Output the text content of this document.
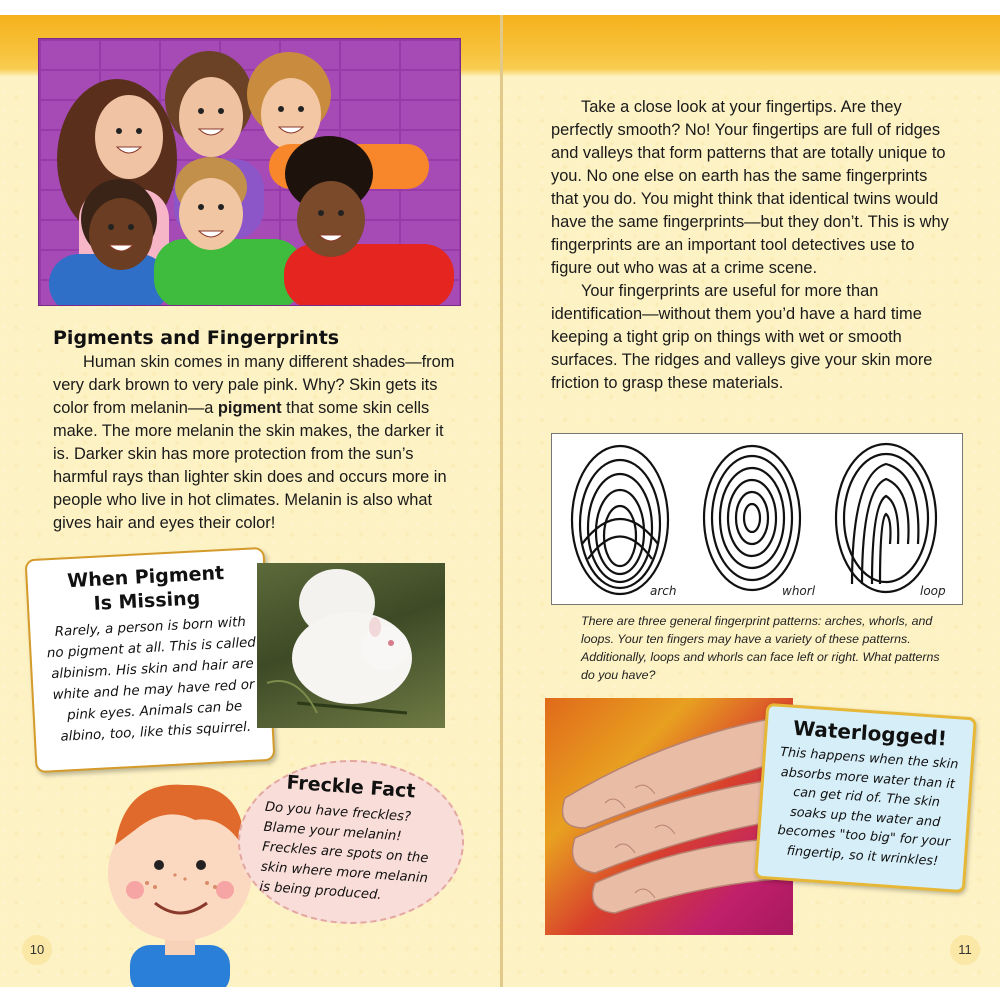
Pigments and Fingerprints

Human skin comes in many different shades—from very dark brown to very pale pink. Why? Skin gets its color from melanin—a pigment that some skin cells make. The more melanin the skin makes, the darker it is. Darker skin has more protection from the sun’s harmful rays than lighter skin does and occurs more in people who live in hot climates. Melanin is also what gives hair and eyes their color!

When Pigment
Is Missing
Rarely, a person is born with no pigment at all. This is called albinism. His skin and hair are white and he may have red or pink eyes. Animals can be albino, too, like this squirrel.
Freckle Fact
Do you have freckles? Blame your melanin! Freckles are spots on the skin where more melanin is being produced.
10

Take a close look at your fingertips. Are they perfectly smooth? No! Your fingertips are full of ridges and valleys that form patterns that are totally unique to you. No one else on earth has the same fingerprints that you do. You might think that identical twins would have the same fingerprints—but they don’t. This is why fingerprints are an important tool detectives use to figure out who was at a crime scene.

Your fingerprints are useful for more than identification—without them you’d have a hard time keeping a tight grip on things with wet or smooth surfaces. The ridges and valleys give your skin more friction to grasp these materials.

arch	whorl	loop
There are three general fingerprint patterns: arches, whorls, and loops. Your ten fingers may have a variety of these patterns. Additionally, loops and whorls can face left or right. What patterns do you have?
Waterlogged!
This happens when the skin absorbs more water than it can get rid of. The skin soaks up the water and becomes "too big" for your fingertip, so it wrinkles!
11
